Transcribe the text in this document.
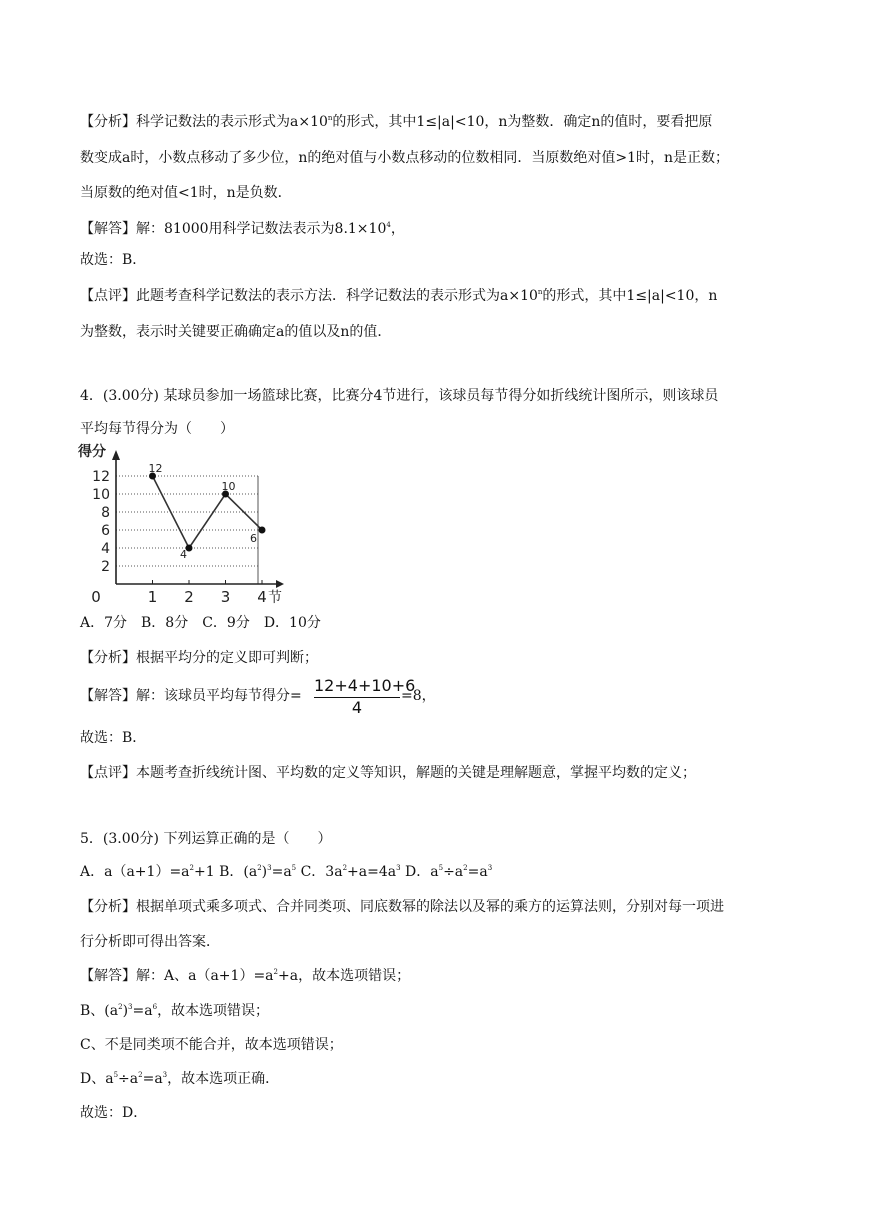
【分析】科学记数法的表示形式为$a\times 10^n$的形式，其中1≤|a|<10，n为整数．确定n的值时，要看把原
数变成a时，小数点移动了多少位，n的绝对值与小数点移动的位数相同．当原数绝对值>1时，n是正数；
当原数的绝对值<1时，n是负数．
【解答】解：81000用科学记数法表示为$8.1\times 10^4$，
故选：B．
【点评】此题考查科学记数法的表示方法．科学记数法的表示形式为$a\times 10^n$的形式，其中1≤|a|<10，n
为整数，表示时关键要正确确定a的值以及n的值．
4．(3.00分) 某球员参加一场篮球比赛，比赛分4节进行，该球员每节得分如折线统计图所示，则该球员
平均每节得分为（　　）
得分
节
2
4
6
8
10
12
0	1 2 3 4
12
4
10
6
A．7分　B．8分　C．9分　D．10分
【分析】根据平均分的定义即可判断；
【解答】解：该球员平均每节得分= $\frac{12+4+10+6}{4} =8$，
故选：B．
【点评】本题考查折线统计图、平均数的定义等知识，解题的关键是理解题意，掌握平均数的定义；
5．(3.00分) 下列运算正确的是（　　）
A．$a(a+1)=a^2+1$ B．$(a^2)^3=a^5$ C．$3a^2+a=4a^3$ D．$a^5\div a^2=a^3$
【分析】根据单项式乘多项式、合并同类项、同底数幂的除法以及幂的乘方的运算法则，分别对每一项进
行分析即可得出答案．
【解答】解：A、$a(a+1)=a^2+a$，故本选项错误；
B、$(a^2)^3=a^6$，故本选项错误；
C、不是同类项不能合并，故本选项错误；
D、$a^5\div a^2=a^3$，故本选项正确．
故选：D．
